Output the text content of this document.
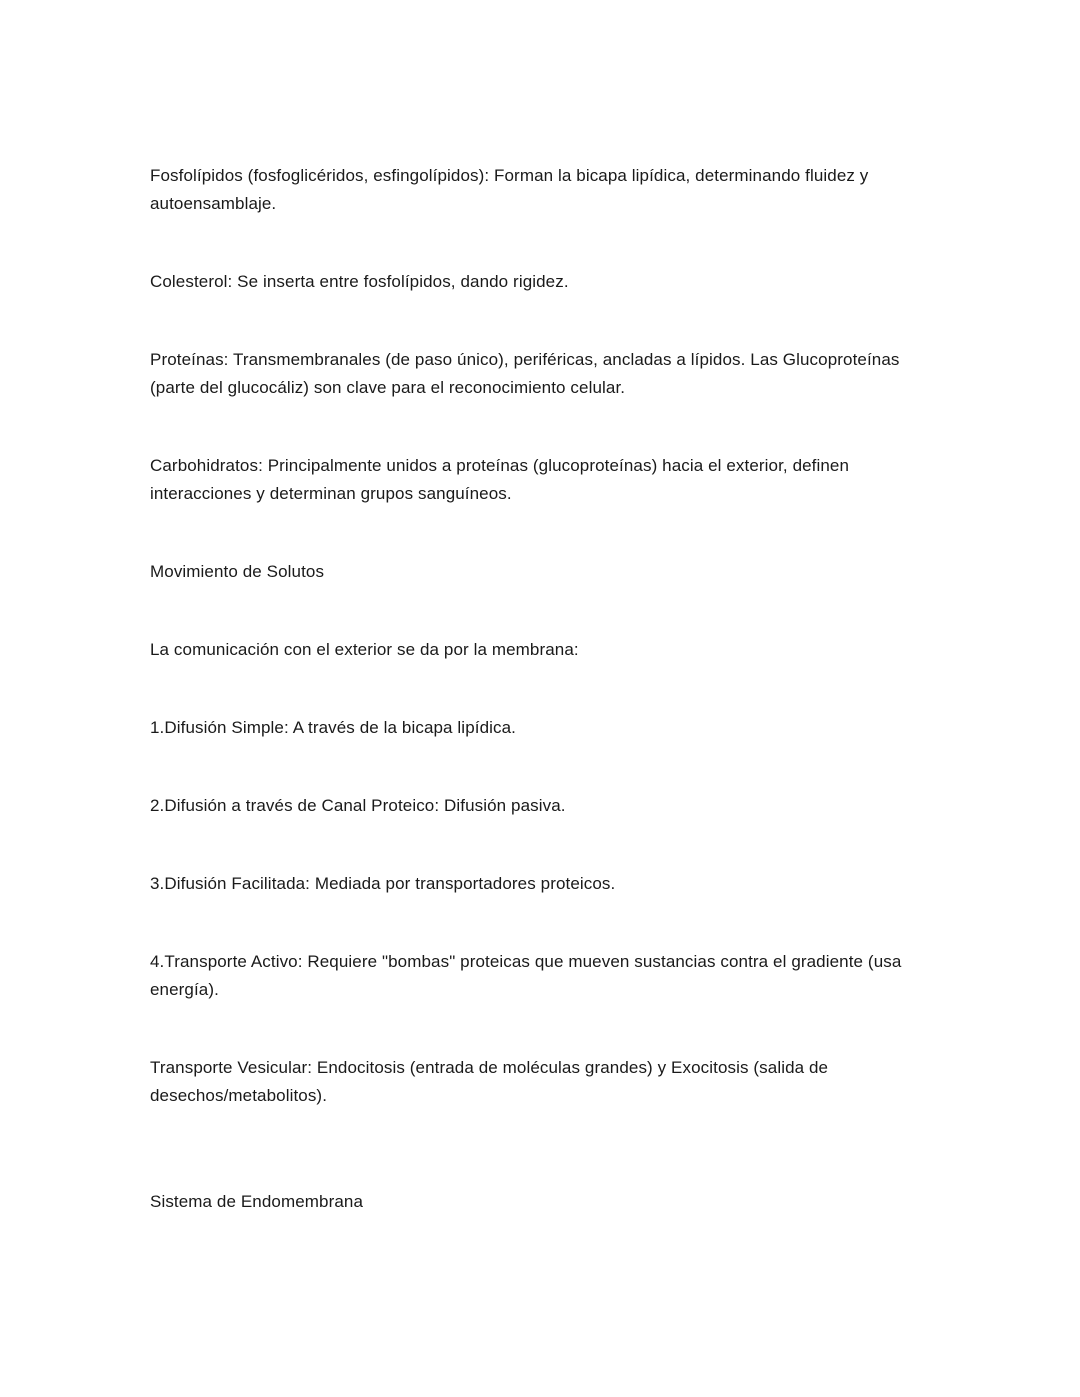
Fosfolípidos (fosfoglicéridos, esfingolípidos): Forman la bicapa lipídica, determinando fluidez y autoensamblaje.

Colesterol: Se inserta entre fosfolípidos, dando rigidez.

Proteínas: Transmembranales (de paso único), periféricas, ancladas a lípidos. Las Glucoproteínas (parte del glucocáliz) son clave para el reconocimiento celular.

Carbohidratos: Principalmente unidos a proteínas (glucoproteínas) hacia el exterior, definen interacciones y determinan grupos sanguíneos.

Movimiento de Solutos

La comunicación con el exterior se da por la membrana:

1.Difusión Simple: A través de la bicapa lipídica.

2.Difusión a través de Canal Proteico: Difusión pasiva.

3.Difusión Facilitada: Mediada por transportadores proteicos.

4.Transporte Activo: Requiere "bombas" proteicas que mueven sustancias contra el gradiente (usa energía).

Transporte Vesicular: Endocitosis (entrada de moléculas grandes) y Exocitosis (salida de desechos/metabolitos).

Sistema de Endomembrana
